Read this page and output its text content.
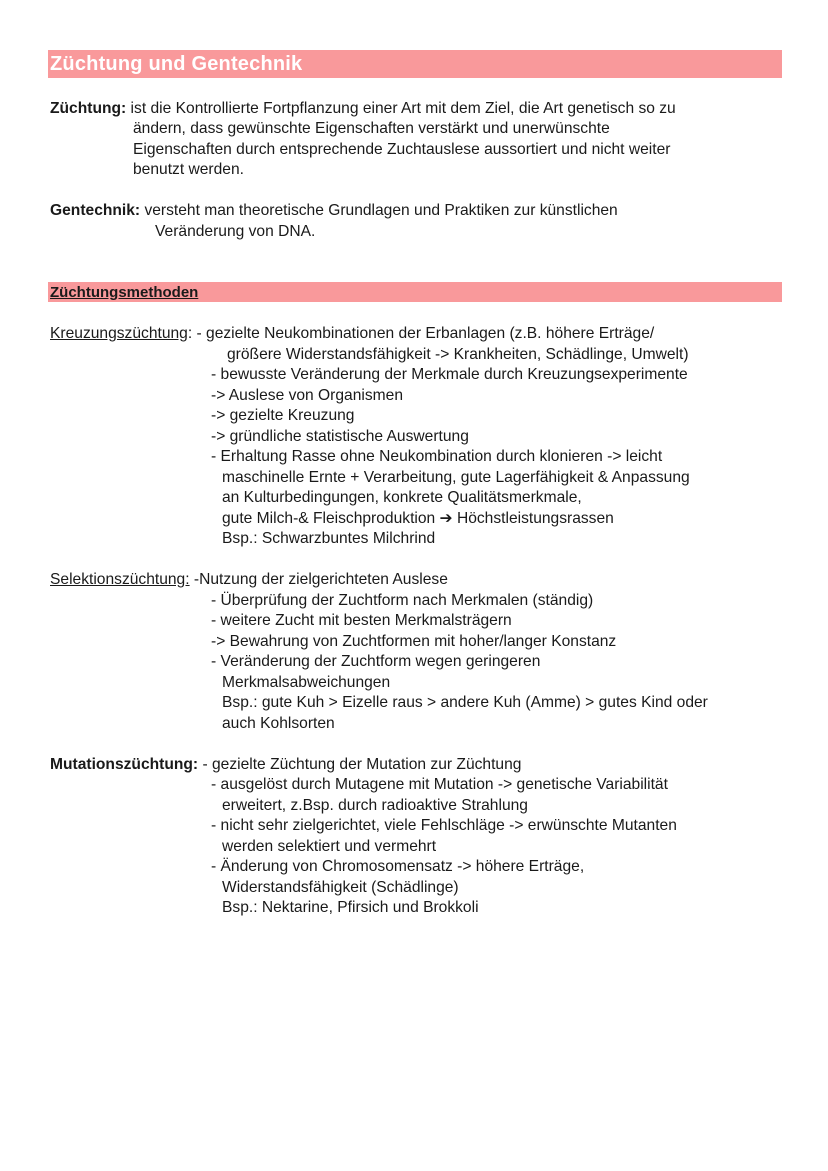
Züchtung und Gentechnik
Züchtung: ist die Kontrollierte Fortpflanzung einer Art mit dem Ziel, die Art genetisch so zu
ändern, dass gewünschte Eigenschaften verstärkt und unerwünschte
Eigenschaften durch entsprechende Zuchtauslese aussortiert und nicht weiter
benutzt werden.
Gentechnik: versteht man theoretische Grundlagen und Praktiken zur künstlichen
Veränderung von DNA.
Züchtungsmethoden
Kreuzungszüchtung: - gezielte Neukombinationen der Erbanlagen (z.B. höhere Erträge/
größere Widerstandsfähigkeit -> Krankheiten, Schädlinge, Umwelt)
- bewusste Veränderung der Merkmale durch Kreuzungsexperimente
-> Auslese von Organismen
-> gezielte Kreuzung
-> gründliche statistische Auswertung
- Erhaltung Rasse ohne Neukombination durch klonieren -> leicht
maschinelle Ernte + Verarbeitung, gute Lagerfähigkeit & Anpassung
an Kulturbedingungen, konkrete Qualitätsmerkmale,
gute Milch-& Fleischproduktion ➔ Höchstleistungsrassen
Bsp.: Schwarzbuntes Milchrind
Selektionszüchtung: -Nutzung der zielgerichteten Auslese
- Überprüfung der Zuchtform nach Merkmalen (ständig)
- weitere Zucht mit besten Merkmalsträgern
-> Bewahrung von Zuchtformen mit hoher/langer Konstanz
- Veränderung der Zuchtform wegen geringeren
Merkmalsabweichungen
Bsp.: gute Kuh > Eizelle raus > andere Kuh (Amme) > gutes Kind oder
auch Kohlsorten
Mutationszüchtung: - gezielte Züchtung der Mutation zur Züchtung
- ausgelöst durch Mutagene mit Mutation -> genetische Variabilität
erweitert, z.Bsp. durch radioaktive Strahlung
- nicht sehr zielgerichtet, viele Fehlschläge -> erwünschte Mutanten
werden selektiert und vermehrt
- Änderung von Chromosomensatz -> höhere Erträge,
Widerstandsfähigkeit (Schädlinge)
Bsp.: Nektarine, Pfirsich und Brokkoli
